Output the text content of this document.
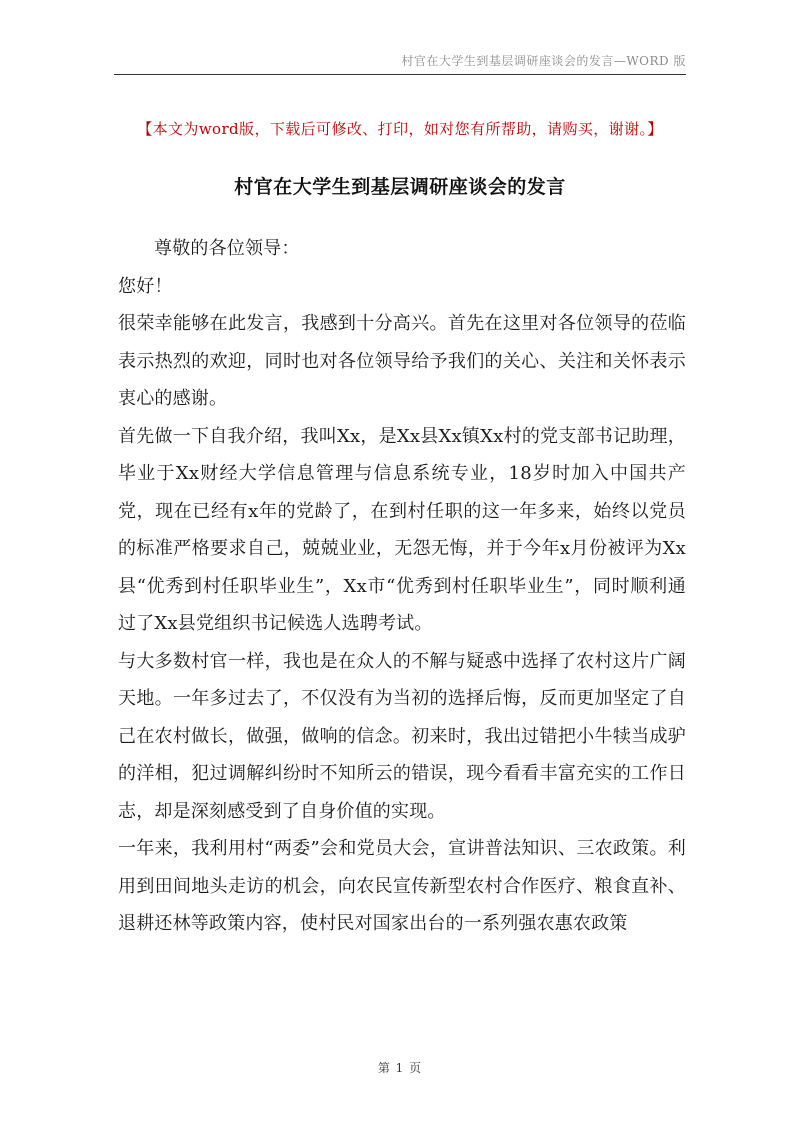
村官在大学生到基层调研座谈会的发言—WORD 版
【本文为word版，下载后可修改、打印，如对您有所帮助，请购买，谢谢。】
村官在大学生到基层调研座谈会的发言

尊敬的各位领导：

您好！

很荣幸能够在此发言，我感到十分高兴。首先在这里对各位领导的莅临表示热烈的欢迎，同时也对各位领导给予我们的关心、关注和关怀表示衷心的感谢。

首先做一下自我介绍，我叫Xx，是Xx县Xx镇Xx村的党支部书记助理，毕业于Xx财经大学信息管理与信息系统专业，18岁时加入中国共产党，现在已经有x年的党龄了，在到村任职的这一年多来，始终以党员的标准严格要求自己，兢兢业业，无怨无悔，并于今年x月份被评为Xx县“优秀到村任职毕业生”，Xx市“优秀到村任职毕业生”，同时顺利通过了Xx县党组织书记候选人选聘考试。

与大多数村官一样，我也是在众人的不解与疑惑中选择了农村这片广阔天地。一年多过去了，不仅没有为当初的选择后悔，反而更加坚定了自己在农村做长，做强，做响的信念。初来时，我出过错把小牛犊当成驴的洋相，犯过调解纠纷时不知所云的错误，现今看看丰富充实的工作日志，却是深刻感受到了自身价值的实现。

一年来，我利用村“两委”会和党员大会，宣讲普法知识、三农政策。利用到田间地头走访的机会，向农民宣传新型农村合作医疗、粮食直补、退耕还林等政策内容，使村民对国家出台的一系列强农惠农政策

第 1 页
